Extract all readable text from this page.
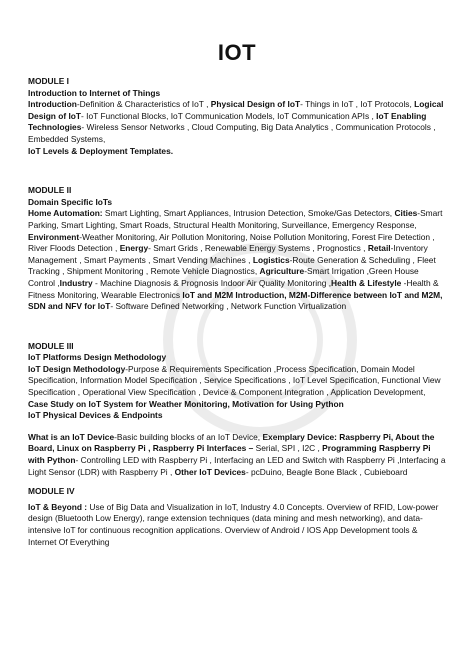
IOT

MODULE I

Introduction to Internet of Things

Introduction-Definition & Characteristics of IoT , Physical Design of IoT- Things in IoT , IoT Protocols, Logical Design of IoT- IoT Functional Blocks, IoT Communication Models, IoT Communication APIs , IoT Enabling Technologies- Wireless Sensor Networks , Cloud Computing, Big Data Analytics , Communication Protocols , Embedded Systems,

IoT Levels & Deployment Templates.

MODULE II

Domain Specific IoTs

Home Automation: Smart Lighting, Smart Appliances, Intrusion Detection, Smoke/Gas Detectors, Cities-Smart Parking, Smart Lighting, Smart Roads, Structural Health Monitoring, Surveillance, Emergency Response, Environment-Weather Monitoring, Air Pollution Monitoring, Noise Pollution Monitoring, Forest Fire Detection , River Floods Detection , Energy- Smart Grids , Renewable Energy Systems , Prognostics , Retail-Inventory Management , Smart Payments , Smart Vending Machines , Logistics-Route Generation & Scheduling , Fleet Tracking , Shipment Monitoring , Remote Vehicle Diagnostics, Agriculture-Smart Irrigation ,Green House Control ,Industry - Machine Diagnosis & Prognosis Indoor Air Quality Monitoring ,Health & Lifestyle -Health & Fitness Monitoring, Wearable Electronics IoT and M2M Introduction, M2M-Difference between IoT and M2M, SDN and NFV for IoT- Software Defined Networking , Network Function Virtualization

MODULE III

IoT Platforms Design Methodology

IoT Design Methodology-Purpose & Requirements Specification ,Process Specification, Domain Model Specification, Information Model Specification , Service Specifications , IoT Level Specification, Functional View Specification , Operational View Specification , Device & Component Integration , Application Development, Case Study on IoT System for Weather Monitoring, Motivation for Using Python

IoT Physical Devices & Endpoints

What is an IoT Device-Basic building blocks of an IoT Device, Exemplary Device: Raspberry Pi, About the Board, Linux on Raspberry Pi , Raspberry Pi Interfaces – Serial, SPI , I2C , Programming Raspberry Pi with Python- Controlling LED with Raspberry Pi , Interfacing an LED and Switch with Raspberry Pi ,Interfacing a Light Sensor (LDR) with Raspberry Pi , Other IoT Devices- pcDuino, Beagle Bone Black , Cubieboard

MODULE IV

IoT & Beyond : Use of Big Data and Visualization in IoT, Industry 4.0 Concepts. Overview of RFID, Low-power design (Bluetooth Low Energy), range extension techniques (data mining and mesh networking), and data-intensive IoT for continuous recognition applications. Overview of Android / IOS App Development tools & Internet Of Everything
